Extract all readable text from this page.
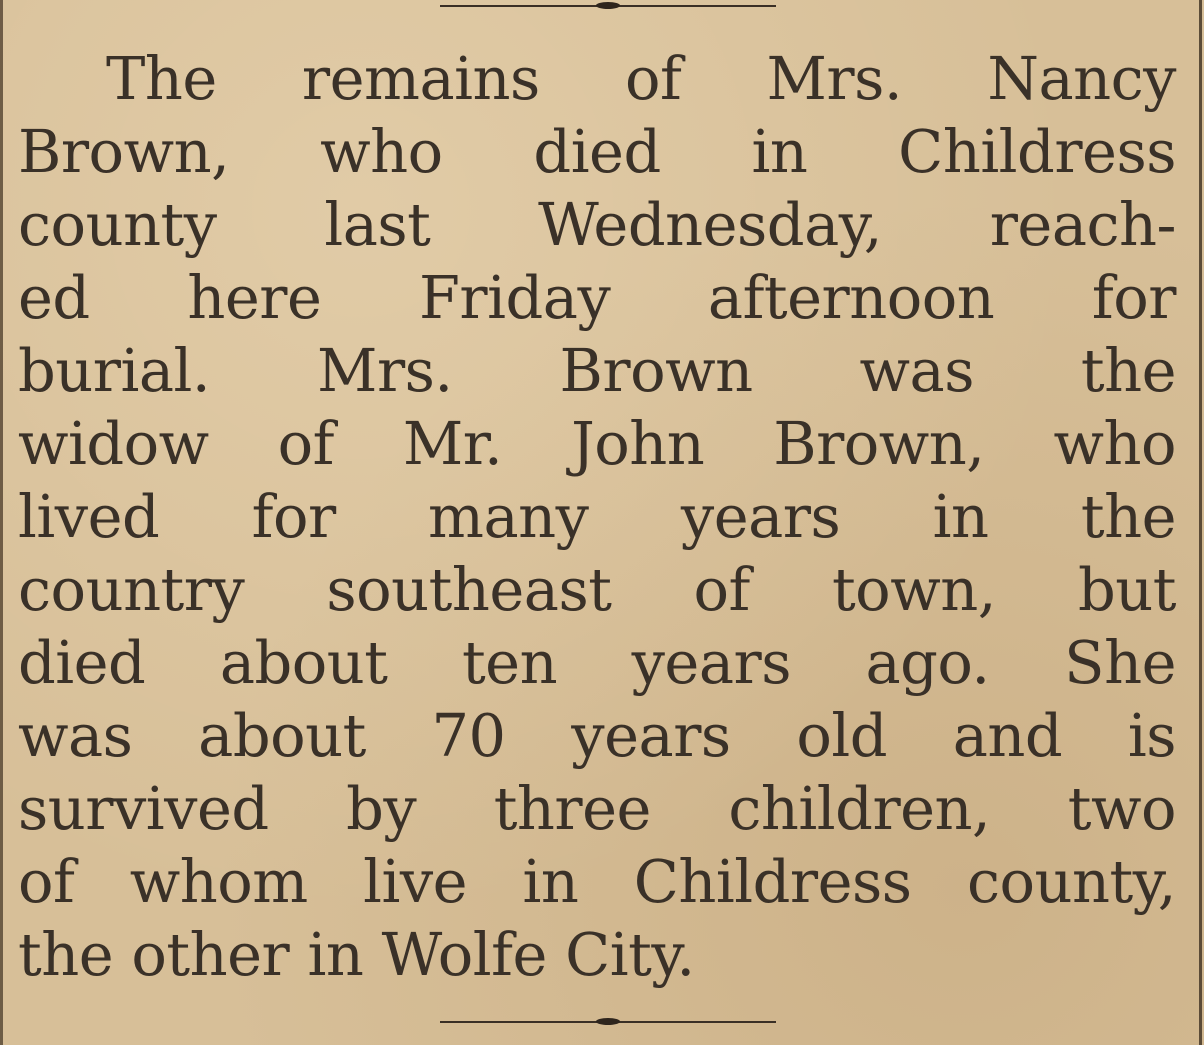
The remains of Mrs. Nancy
Brown, who died in Childress
county last Wednesday, reach-
ed here Friday afternoon for
burial. Mrs. Brown was the
widow of Mr. John Brown, who
lived for many years in the
country southeast of town, but
died about ten years ago. She
was about 70 years old and is
survived by three children, two
of whom live in Childress county,
the other in Wolfe City.
